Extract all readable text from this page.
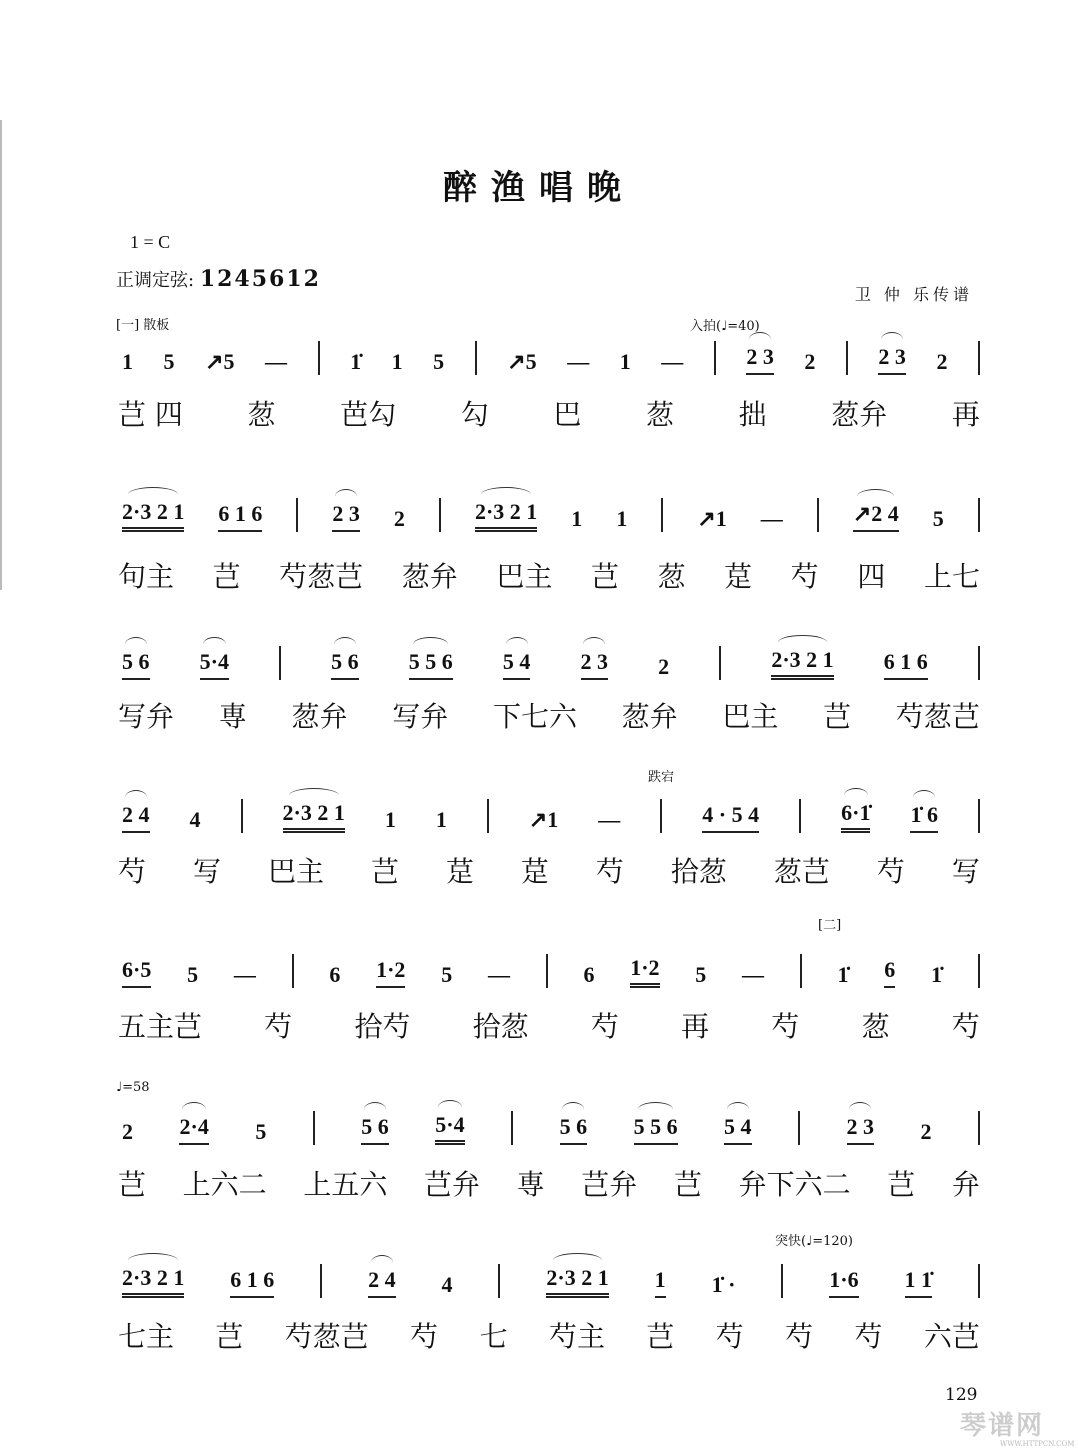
醉渔唱晚
1 = C
正调定弦: 1245612
卫 仲 乐传谱
[一] 散板
[二]
入拍(♩=40)
跌宕
♩=58
突快(♩=120)
1 5 ↗5 —	1̇ 1 5	↗5 — 1 —	2 3 2	2 3 2
芑 四 䓤 芭勾 勾 巴 䓤 拙 䓤弁 再
2·3 2 1 6 1 6	2 3 2	2·3 2 1 1 1	↗1 —	↗2 4 5
句主 芑 芍䓤芑 䓤弁 巴主 芑 䓤 莡 芍 四 上七
5 6 5·4	5 6 5 5 6 5 4 2 3 2	2·3 2 1 6 1 6
写弁 専 䓤弁 写弁 下七六 䓤弁 巴主 芑 芍䓤芑
2 4 4	2·3 2 1 1 1	↗1 —	4 · 5 4	6·1̇ 1̇ 6
芍 写 巴主 芑 莡 莡 芍 拾䓤 䓤芑 芍 写
6·5 5 —	6 1·2 5 —	6 1·2 5 —	1̇ 6 1̇
五主芑 芍 拾芍 拾䓤 芍 再 芍 䓤 芍
2 2·4 5	5 6 5·4	5 6 5 5 6 5 4	2 3 2
芑 上六二 上五六 芑弁 専 芑弁 芑 弁下六二 芑 弁
2·3 2 1 6 1 6	2 4 4	2·3 2 1 1 1̇ ·	1·6 1 1̇
七主 芑 芍䓤芑 芍 七 芍主 芑 芍 芍 芍 六芑
129
琴谱网
WWW.HTTPCN.COM
